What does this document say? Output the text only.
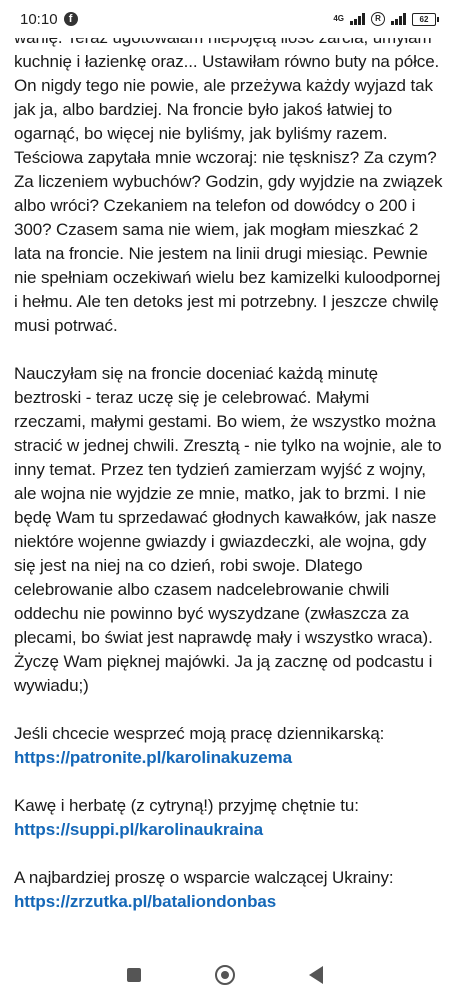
10:10	f	4G	R	62

kuchnię i łazienkę oraz... Ustawiłam równo buty na półce. On nigdy tego nie powie, ale przeżywa każdy wyjazd tak jak ja, albo bardziej. Na froncie było jakoś łatwiej to ogarnąć, bo więcej nie byliśmy, jak byliśmy razem. Teściowa zapytała mnie wczoraj: nie tęsknisz? Za czym? Za liczeniem wybuchów? Godzin, gdy wyjdzie na związek albo wróci? Czekaniem na telefon od dowódcy o 200 i 300? Czasem sama nie wiem, jak mogłam mieszkać 2 lata na froncie. Nie jestem na linii drugi miesiąc. Pewnie nie spełniam oczekiwań wielu bez kamizelki kuloodpornej i hełmu. Ale ten detoks jest mi potrzebny. I jeszcze chwilę musi potrwać.

Nauczyłam się na froncie doceniać każdą minutę beztroski - teraz uczę się je celebrować. Małymi rzeczami, małymi gestami. Bo wiem, że wszystko można stracić w jednej chwili. Zresztą - nie tylko na wojnie, ale to inny temat. Przez ten tydzień zamierzam wyjść z wojny, ale wojna nie wyjdzie ze mnie, matko, jak to brzmi. I nie będę Wam tu sprzedawać głodnych kawałków, jak nasze niektóre wojenne gwiazdy i gwiazdeczki, ale wojna, gdy się jest na niej na co dzień, robi swoje. Dlatego celebrowanie albo czasem nadcelebrowanie chwili oddechu nie powinno być wyszydzane (zwłaszcza za plecami, bo świat jest naprawdę mały i wszystko wraca). Życzę Wam pięknej majówki. Ja ją zacznę od podcastu i wywiadu;)

Jeśli chcecie wesprzeć moją pracę dziennikarską:
https://patronite.pl/karolinakuzema

Kawę i herbatę (z cytryną!) przyjmę chętnie tu:
https://suppi.pl/karolinaukraina

A najbardziej proszę o wsparcie walczącej Ukrainy:
https://zrzutka.pl/bataliondonbas
